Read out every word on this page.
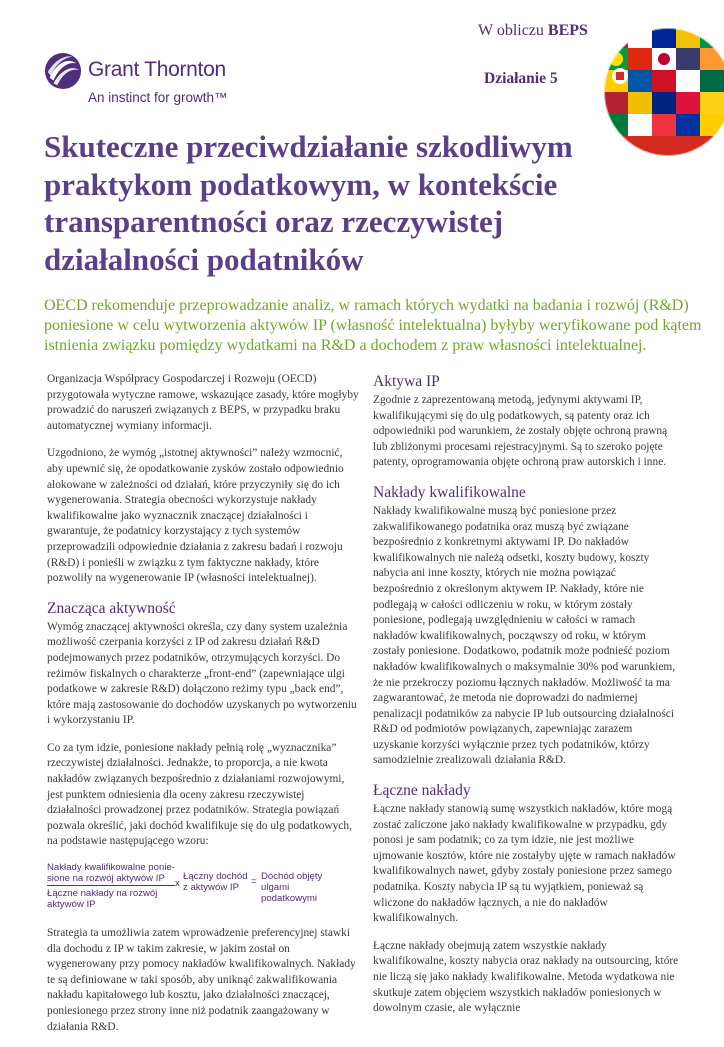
Grant Thornton
An instinct for growth™
W obliczu BEPS
Działanie 5
Skuteczne przeciwdziałanie szkodliwym praktykom podatkowym, w kontekście transparentności oraz rzeczywistej działalności podatników

OECD rekomenduje przeprowadzanie analiz, w ramach których wydatki na badania i rozwój (R&D) poniesione w celu wytworzenia aktywów IP (własność intelektualna) byłyby weryfikowane pod kątem istnienia związku pomiędzy wydatkami na R&D a dochodem z praw własności intelektualnej.

Organizacja Współpracy Gospodarczej i Rozwoju (OECD) przygotowała wytyczne ramowe, wskazujące zasady, które mogłyby prowadzić do naruszeń związanych z BEPS, w przypadku braku automatycznej wymiany informacji.

Uzgodniono, że wymóg „istotnej aktywności” należy wzmocnić, aby upewnić się, że opodatkowanie zysków zostało odpowiednio alokowane w zależności od działań, które przyczyniły się do ich wygenerowania. Strategia obecności wykorzystuje nakłady kwalifikowalne jako wyznacznik znaczącej działalności i gwarantuje, że podatnicy korzystający z tych systemów przeprowadzili odpowiednie działania z zakresu badań i rozwoju (R&D) i ponieśli w związku z tym faktyczne nakłady, które pozwoliły na wygenerowanie IP (własności intelektualnej).

Znacząca aktywność

Wymóg znaczącej aktywności określa, czy dany system uzależnia możliwość czerpania korzyści z IP od zakresu działań R&D podejmowanych przez podatników, otrzymujących korzyści. Do reżimów fiskalnych o charakterze „front-end” (zapewniające ulgi podatkowe w zakresie R&D) dołączono reżimy typu „back end”, które mają zastosowanie do dochodów uzyskanych po wytworzeniu i wykorzystaniu IP.

Co za tym idzie, poniesione nakłady pełnią rolę „wyznacznika” rzeczywistej działalności. Jednakże, to proporcja, a nie kwota nakładów związanych bezpośrednio z działaniami rozwojowymi, jest punktem odniesienia dla oceny zakresu rzeczywistej działalności prowadzonej przez podatników. Strategia powiązań pozwala określić, jaki dochód kwalifikuje się do ulg podatkowych, na podstawie następującego wzoru:

Nakłady kwalifikowalne ponie-sione na rozwój aktywów IP
Łączne nakłady na rozwój aktywów IP
x
Łączny dochód z aktywów IP
= Dochód objęty ulgami podatkowymi

Strategia ta umożliwia zatem wprowadzenie preferencyjnej stawki dla dochodu z IP w takim zakresie, w jakim został on wygenerowany przy pomocy nakładów kwalifikowalnych. Nakłady te są definiowane w taki sposób, aby uniknąć zakwalifikowania nakładu kapitałowego lub kosztu, jako działalności znaczącej, poniesionego przez strony inne niż podatnik zaangażowany w działania R&D.

Aktywa IP

Zgodnie z zaprezentowaną metodą, jedynymi aktywami IP, kwalifikującymi się do ulg podatkowych, są patenty oraz ich odpowiedniki pod warunkiem, że zostały objęte ochroną prawną lub zbliżonymi procesami rejestracyjnymi. Są to szeroko pojęte patenty, oprogramowania objęte ochroną praw autorskich i inne.

Nakłady kwalifikowalne

Nakłady kwalifikowalne muszą być poniesione przez zakwalifikowanego podatnika oraz muszą być związane bezpośrednio z konkretnymi aktywami IP. Do nakładów kwalifikowalnych nie należą odsetki, koszty budowy, koszty nabycia ani inne koszty, których nie można powiązać bezpośrednio z określonym aktywem IP. Nakłady, które nie podlegają w całości odliczeniu w roku, w którym zostały poniesione, podlegają uwzględnieniu w całości w ramach nakładów kwalifikowalnych, począwszy od roku, w którym zostały poniesione. Dodatkowo, podatnik może podnieść poziom nakładów kwalifikowalnych o maksymalnie 30% pod warunkiem, że nie przekroczy poziomu łącznych nakładów. Możliwość ta ma zagwarantować, że metoda nie doprowadzi do nadmiernej penalizacji podatników za nabycie IP lub outsourcing działalności R&D od podmiotów powiązanych, zapewniając zarazem uzyskanie korzyści wyłącznie przez tych podatników, którzy samodzielnie zrealizowali działania R&D.

Łączne nakłady

Łączne nakłady stanowią sumę wszystkich nakładów, które mogą zostać zaliczone jako nakłady kwalifikowalne w przypadku, gdy ponosi je sam podatnik; co za tym idzie, nie jest możliwe ujmowanie kosztów, które nie zostałyby ujęte w ramach nakładów kwalifikowalnych nawet, gdyby zostały poniesione przez samego podatnika. Koszty nabycia IP są tu wyjątkiem, ponieważ są wliczone do nakładów łącznych, a nie do nakładów kwalifikowalnych.

Łączne nakłady obejmują zatem wszystkie nakłady kwalifikowalne, koszty nabycia oraz nakłady na outsourcing, które nie liczą się jako nakłady kwalifikowalne. Metoda wydatkowa nie skutkuje zatem objęciem wszystkich nakładów poniesionych w dowolnym czasie, ale wyłącznie
